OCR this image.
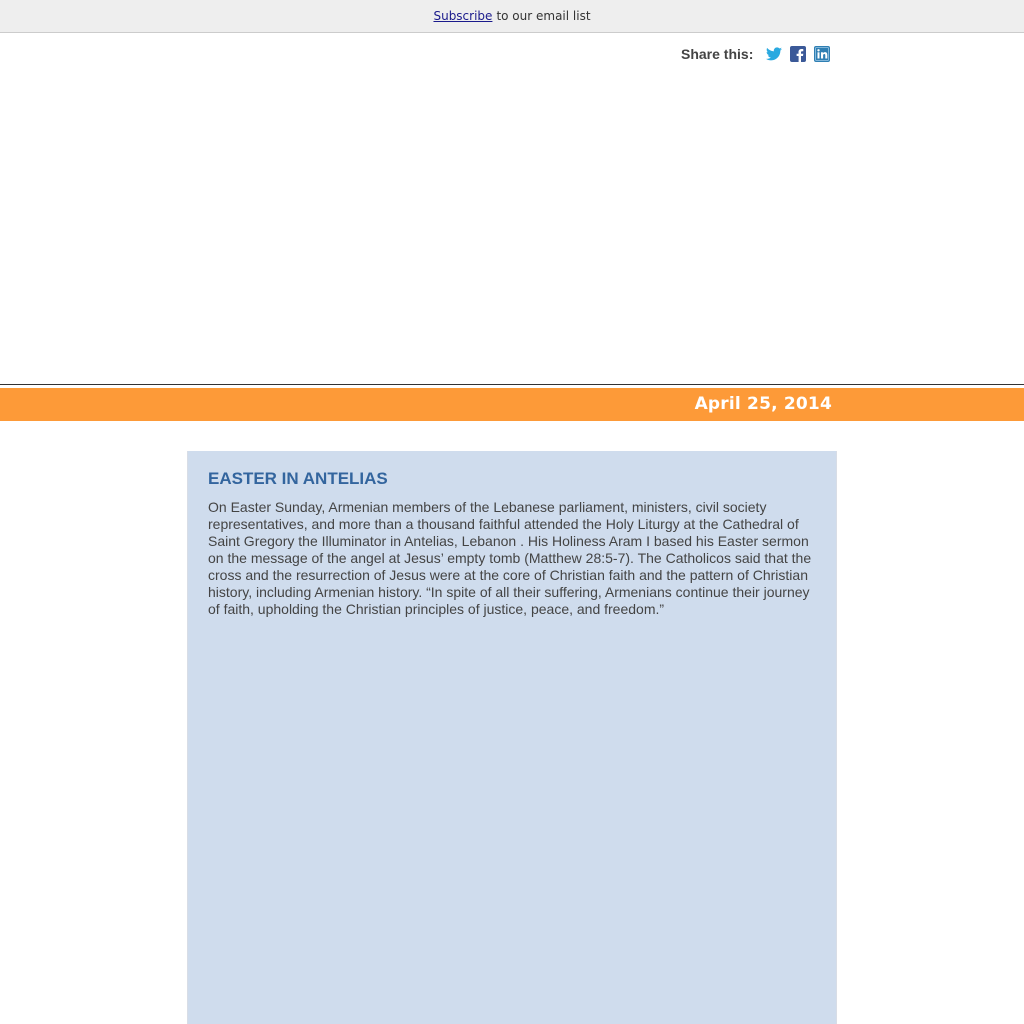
Subscribe to our email list
Share this:
April 25, 2014
EASTER IN ANTELIAS

On Easter Sunday, Armenian members of the Lebanese parliament, ministers, civil society representatives, and more than a thousand faithful attended the Holy Liturgy at the Cathedral of Saint Gregory the Illuminator in Antelias, Lebanon . His Holiness Aram I based his Easter sermon on the message of the angel at Jesus’ empty tomb (Matthew 28:5-7). The Catholicos said that the cross and the resurrection of Jesus were at the core of Christian faith and the pattern of Christian history, including Armenian history. “In spite of all their suffering, Armenians continue their journey of faith, upholding the Christian principles of justice, peace, and freedom.”
